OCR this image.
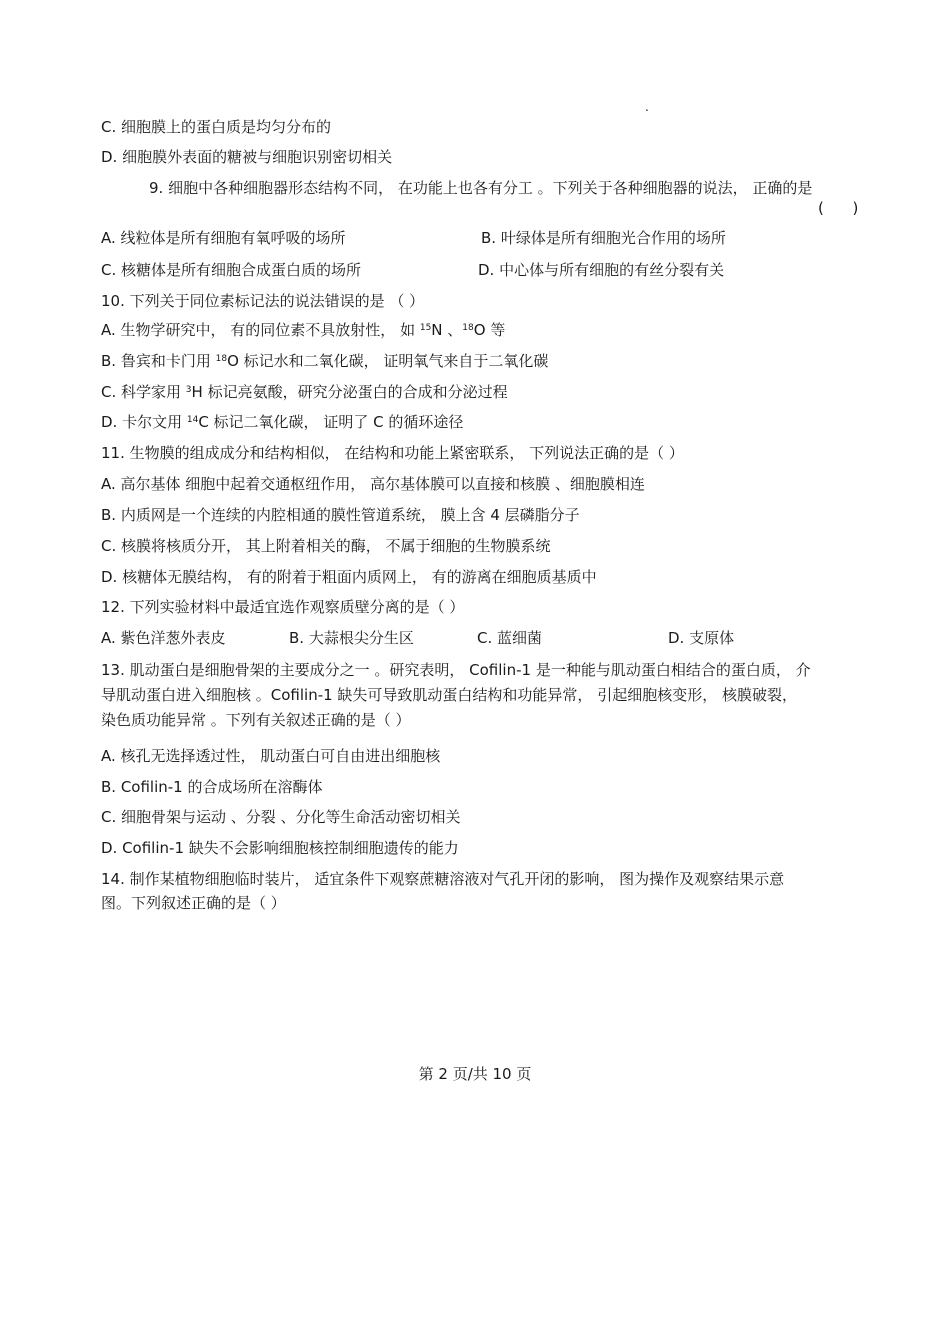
.
C. 细胞膜上的蛋白质是均匀分布的
D. 细胞膜外表面的糖被与细胞识别密切相关
9. 细胞中各种细胞器形态结构不同， 在功能上也各有分工 。下列关于各种细胞器的说法， 正确的是
(      )
A. 线粒体是所有细胞有氧呼吸的场所	B. 叶绿体是所有细胞光合作用的场所
C. 核糖体是所有细胞合成蛋白质的场所	D. 中心体与所有细胞的有丝分裂有关
10. 下列关于同位素标记法的说法错误的是 （ ）
A. 生物学研究中， 有的同位素不具放射性， 如 $^{15}$N 、$^{18}$O 等
B. 鲁宾和卡门用 $^{18}$O 标记水和二氧化碳， 证明氧气来自于二氧化碳
C. 科学家用 $^3$H 标记亮氨酸，研究分泌蛋白的合成和分泌过程
D. 卡尔文用 $^{14}$C 标记二氧化碳， 证明了 C 的循环途径
11. 生物膜的组成成分和结构相似， 在结构和功能上紧密联系， 下列说法正确的是（ ）
A. 高尔基体 细胞中起着交通枢纽作用， 高尔基体膜可以直接和核膜 、细胞膜相连
B. 内质网是一个连续的内腔相通的膜性管道系统， 膜上含 4 层磷脂分子
C. 核膜将核质分开， 其上附着相关的酶， 不属于细胞的生物膜系统
D. 核糖体无膜结构， 有的附着于粗面内质网上， 有的游离在细胞质基质中
12. 下列实验材料中最适宜选作观察质壁分离的是（ ）
A. 紫色洋葱外表皮	B. 大蒜根尖分生区	C. 蓝细菌	D. 支原体
13. 肌动蛋白是细胞骨架的主要成分之一 。研究表明， Cofilin-1 是一种能与肌动蛋白相结合的蛋白质， 介
导肌动蛋白进入细胞核 。Cofilin-1 缺失可导致肌动蛋白结构和功能异常， 引起细胞核变形， 核膜破裂，
染色质功能异常 。下列有关叙述正确的是（ ）
A. 核孔无选择透过性， 肌动蛋白可自由进出细胞核
B. Cofilin-1 的合成场所在溶酶体
C. 细胞骨架与运动 、分裂 、分化等生命活动密切相关
D. Cofilin-1 缺失不会影响细胞核控制细胞遗传的能力
14. 制作某植物细胞临时装片， 适宜条件下观察蔗糖溶液对气孔开闭的影响， 图为操作及观察结果示意
图。下列叙述正确的是（ ）
第 2 页/共 10 页
